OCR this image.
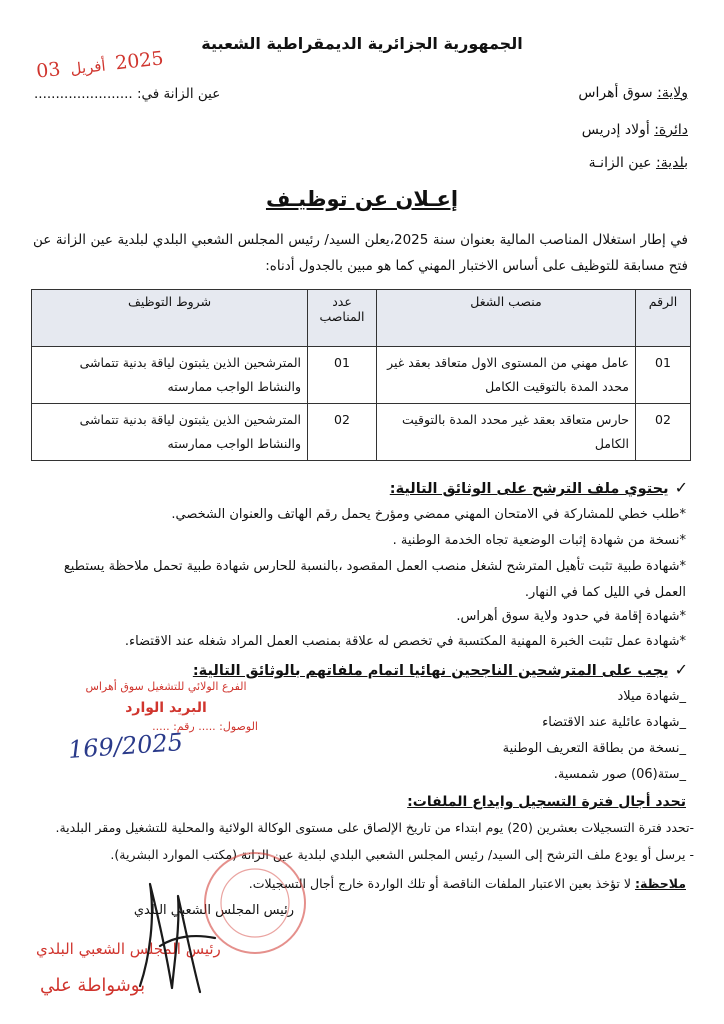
الجمهورية الجزائرية الديمقراطية الشعبية
2025 أفريل 03
عين الزانة في: .......................	ولاية: سوق أهراس
دائرة: أولاد إدريس
بلدية: عين الزانـة
إعـلان عن توظيـف
في إطار استغلال المناصب المالية بعنوان سنة 2025،يعلن السيد/ رئيس المجلس الشعبي البلدي لبلدية عين الزانة عن فتح مسابقة للتوظيف على أساس الاختبار المهني كما هو مبين بالجدول أدناه:
الرقم	منصب الشغل	عدد المناصب	شروط التوظيف
01	عامل مهني من المستوى الاول متعاقد بعقد غير محدد المدة بالتوقيت الكامل	01	المترشحين الذين يثبتون لياقة بدنية تتماشى والنشاط الواجب ممارسته
02	حارس متعاقد بعقد غير محدد المدة بالتوقيت الكامل	02	المترشحين الذين يثبتون لياقة بدنية تتماشى والنشاط الواجب ممارسته
✓يحتوي ملف الترشح على الوثائق التالية:
*طلب خطي للمشاركة في الامتحان المهني ممضي ومؤرخ يحمل رقم الهاتف والعنوان الشخصي.
*نسخة من شهادة إثبات الوضعية تجاه الخدمة الوطنية .
*شهادة طبية تثبت تأهيل المترشح لشغل منصب العمل المقصود ،بالنسبة للحارس شهادة طبية تحمل ملاحظة يستطيع العمل في الليل كما في النهار.
*شهادة إقامة في حدود ولاية سوق أهراس.
*شهادة عمل تثبت الخبرة المهنية المكتسبة في تخصص له علاقة بمنصب العمل المراد شغله عند الاقتضاء.
✓يجب على المترشحين الناجحين نهائيا اتمام ملفاتهم بالوثائق التالية:
_شهادة ميلاد
_شهادة عائلية عند الاقتضاء
_نسخة من بطاقة التعريف الوطنية
_ستة(06) صور شمسية.
تحدد أجال فترة التسجيل وايداع الملفات:
-تحدد فترة التسجيلات بعشرين (20) يوم ابتداء من تاريخ الإلصاق على مستوى الوكالة الولائية والمحلية للتشغيل ومقر البلدية.
- يرسل أو يودع ملف الترشح إلى السيد/ رئيس المجلس الشعبي البلدي لبلدية عين الزانة (مكتب الموارد البشرية).
ملاحظة: لا تؤخذ بعين الاعتبار الملفات الناقصة أو تلك الواردة خارج أجال التسجيلات.
الفرع الولائي للتشغيل سوق أهراس
البريد الوارد
الوصول: ..... رقم: .....
169/2025
رئيس المجلس الشعبي البلدي
رئيس المجلس الشعبي البلدي
بوشواطة علي
